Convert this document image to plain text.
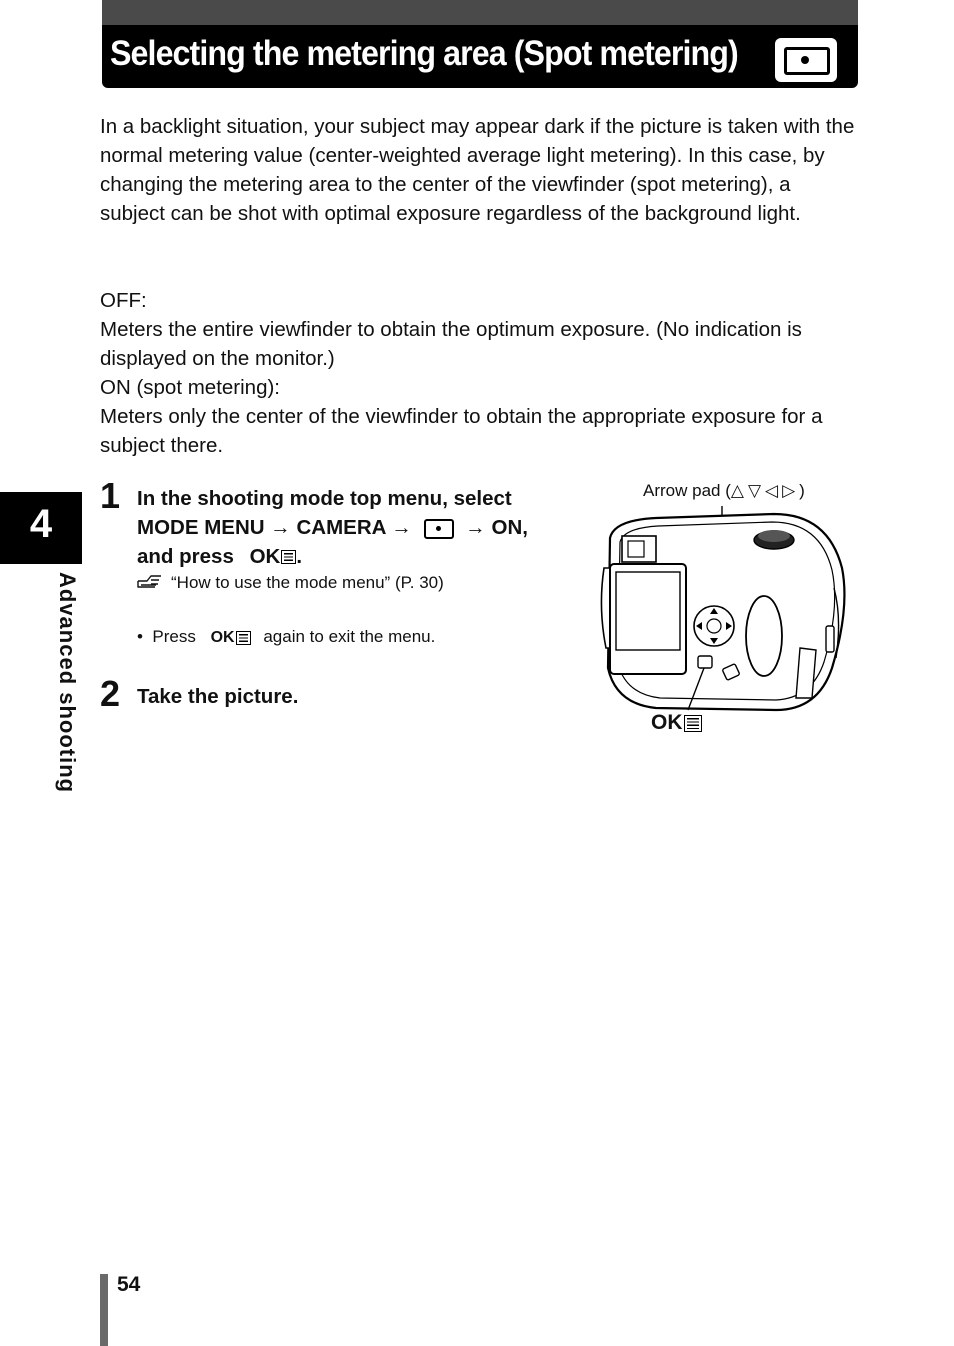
Selecting the metering area (Spot metering)

In a backlight situation, your subject may appear dark if the picture is taken with the normal metering value (center-weighted average light metering). In this case, by changing the metering area to the center of the viewfinder (spot metering), a subject can be shot with optimal exposure regardless of the background light.

OFF:

Meters the entire viewfinder to obtain the optimum exposure. (No indication is displayed on the monitor.)

ON (spot metering):

Meters only the center of the viewfinder to obtain the appropriate exposure for a subject there.

4
Advanced shooting
1 In the shooting mode top menu, select
MODE MENU → CAMERA →	→ ON,
and press OK .
“How to use the mode menu” (P. 30)
• Press OK again to exit the menu.
2 Take the picture.
Arrow pad (△▽◁▷)
OK
54
